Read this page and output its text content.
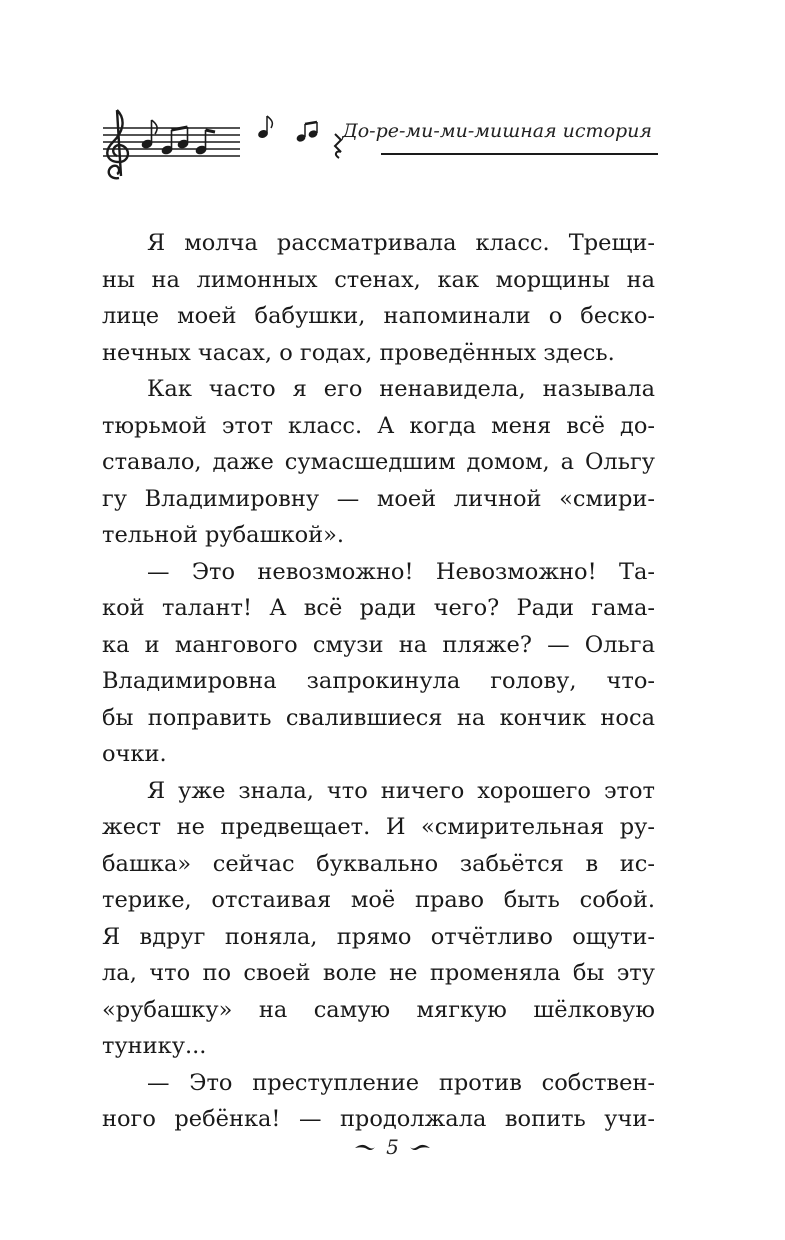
До-ре-ми-ми-мишная история

Я молча рассматривала класс. Трещи-
ны на лимонных стенах, как морщины на
лице моей бабушки, напоминали о беско-
нечных часах, о годах, проведённых здесь.

Как часто я его ненавидела, называла
тюрьмой этот класс. А когда меня всё до-
ставало, даже сумасшедшим домом, а Ольгу
гу Владимировну — моей личной «смири-
тельной рубашкой».

— Это невозможно! Невозможно! Та-
кой талант! А всё ради чего? Ради гама-
ка и мангового смузи на пляже? — Ольга
Владимировна запрокинула голову, что-
бы поправить свалившиеся на кончик носа
очки.

Я уже знала, что ничего хорошего этот
жест не предвещает. И «смирительная ру-
башка» сейчас буквально забьётся в ис-
терике, отстаивая моё право быть собой.
Я вдруг поняла, прямо отчётливо ощути-
ла, что по своей воле не променяла бы эту
«рубашку» на самую мягкую шёлковую
тунику...

— Это преступление против собствен-
ного ребёнка! — продолжала вопить учи-

5
